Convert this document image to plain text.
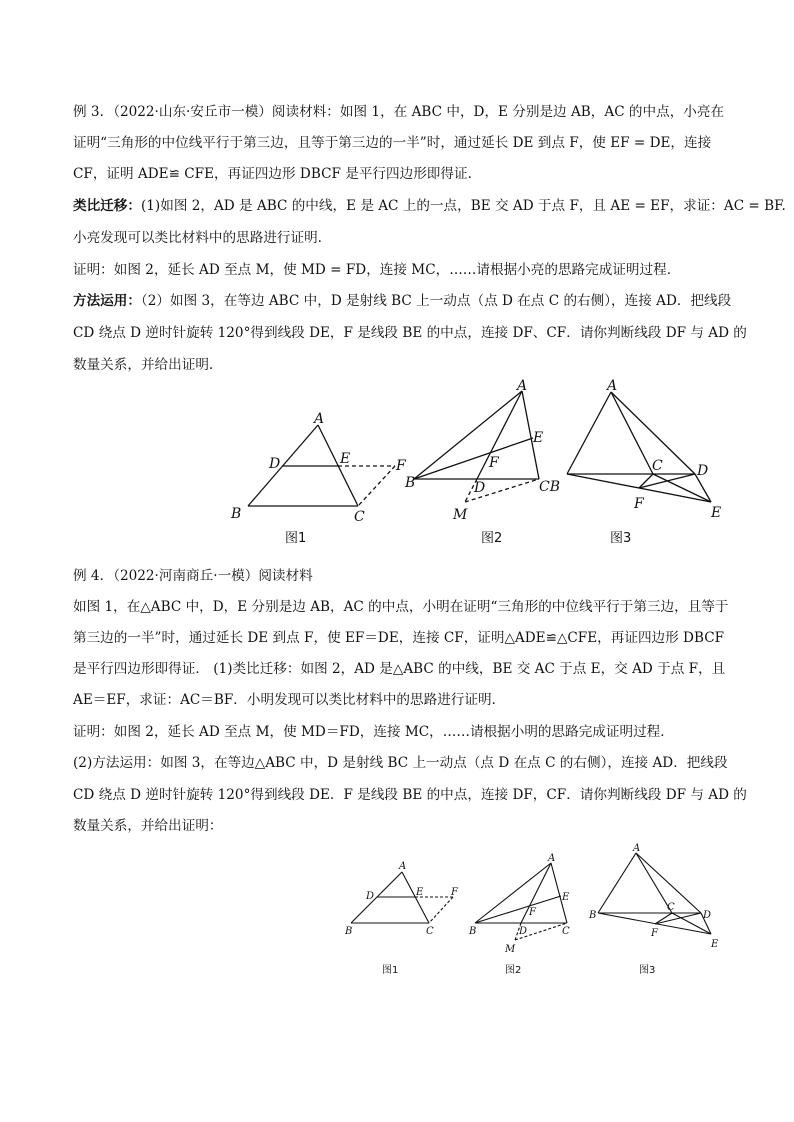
例 3．（2022·山东·安丘市一模）阅读材料：如图 1，在 ABC 中，D，E 分别是边 AB，AC 的中点，小亮在
证明“三角形的中位线平行于第三边，且等于第三边的一半”时，通过延长 DE 到点 F，使 EF = DE，连接
CF，证明 ADE≌ CFE，再证四边形 DBCF 是平行四边形即得证.
类比迁移：(1)如图 2，AD 是 ABC 的中线，E 是 AC 上的一点，BE 交 AD 于点 F，且 AE = EF，求证：AC = BF.
小亮发现可以类比材料中的思路进行证明.
证明：如图 2，延长 AD 至点 M，使 MD = FD，连接 MC，……请根据小亮的思路完成证明过程.
方法运用：（2）如图 3，在等边 ABC 中，D 是射线 BC 上一动点（点 D 在点 C 的右侧），连接 AD．把线段
CD 绕点 D 逆时针旋转 120°得到线段 DE，F 是线段 BE 的中点，连接 DF、CF．请你判断线段 DF 与 AD 的
数量关系，并给出证明.
A
D	E	F
B	C
A
E
F
D
B
M
CB
A
C D
F
E
图1	图2	图3
例 4．（2022·河南商丘·一模）阅读材料
如图 1，在△ABC 中，D，E 分别是边 AB，AC 的中点，小明在证明“三角形的中位线平行于第三边，且等于
第三边的一半”时，通过延长 DE 到点 F，使 EF＝DE，连接 CF，证明△ADE≌△CFE，再证四边形 DBCF
是平行四边形即得证． (1)类比迁移：如图 2，AD 是△ABC 的中线，BE 交 AC 于点 E，交 AD 于点 F，且
AE＝EF，求证：AC＝BF．小明发现可以类比材料中的思路进行证明．
证明：如图 2，延长 AD 至点 M，使 MD＝FD，连接 MC，……请根据小明的思路完成证明过程．
(2)方法运用：如图 3，在等边△ABC 中，D 是射线 BC 上一动点（点 D 在点 C 的右侧），连接 AD．把线段
CD 绕点 D 逆时针旋转 120°得到线段 DE．F 是线段 BE 的中点，连接 DF，CF．请你判断线段 DF 与 AD 的
数量关系，并给出证明：
A
D	E	F
B	C
A
E
F
D
B
M
C
A
C
D
B
F
E
图1	图2	图3
